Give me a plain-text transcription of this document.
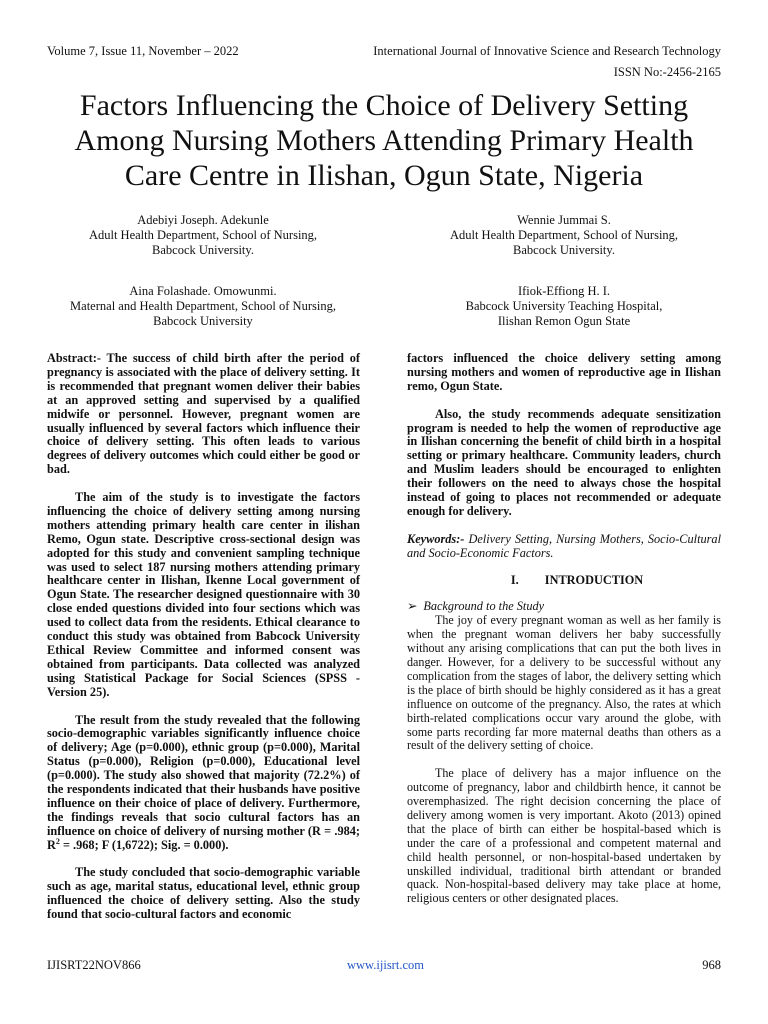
Volume 7, Issue 11, November – 2022	International Journal of Innovative Science and Research Technology
ISSN No:-2456-2165
Factors Influencing the Choice of Delivery Setting
Among Nursing Mothers Attending Primary Health
Care Centre in Ilishan, Ogun State, Nigeria
Adebiyi Joseph. Adekunle
Adult Health Department, School of Nursing,
Babcock University.
Wennie Jummai S.
Adult Health Department, School of Nursing,
Babcock University.
Aina Folashade. Omowunmi.
Maternal and Health Department, School of Nursing,
Babcock University
Ifiok-Effiong H. I.
Babcock University Teaching Hospital,
Ilishan Remon Ogun State

Abstract:- The success of child birth after the period of pregnancy is associated with the place of delivery setting. It is recommended that pregnant women deliver their babies at an approved setting and supervised by a qualified midwife or personnel. However, pregnant women are usually influenced by several factors which influence their choice of delivery setting. This often leads to various degrees of delivery outcomes which could either be good or bad.

The aim of the study is to investigate the factors influencing the choice of delivery setting among nursing mothers attending primary health care center in ilishan Remo, Ogun state. Descriptive cross-sectional design was adopted for this study and convenient sampling technique was used to select 187 nursing mothers attending primary healthcare center in Ilishan, Ikenne Local government of Ogun State. The researcher designed questionnaire with 30 close ended questions divided into four sections which was used to collect data from the residents. Ethical clearance to conduct this study was obtained from Babcock University Ethical Review Committee and informed consent was obtained from participants. Data collected was analyzed using Statistical Package for Social Sciences (SPSS - Version 25).

The result from the study revealed that the following socio-demographic variables significantly influence choice of delivery; Age (p=0.000), ethnic group (p=0.000), Marital Status (p=0.000), Religion (p=0.000), Educational level (p=0.000). The study also showed that majority (72.2%) of the respondents indicated that their husbands have positive influence on their choice of place of delivery. Furthermore, the findings reveals that socio cultural factors has an influence on choice of delivery of nursing mother (R = .984; $R^2 = .968$; F (1,6722); Sig. = 0.000).

The study concluded that socio-demographic variable such as age, marital status, educational level, ethnic group influenced the choice of delivery setting. Also the study found that socio-cultural factors and economic

factors influenced the choice delivery setting among nursing mothers and women of reproductive age in Ilishan remo, Ogun State.

Also, the study recommends adequate sensitization program is needed to help the women of reproductive age in Ilishan concerning the benefit of child birth in a hospital setting or primary healthcare. Community leaders, church and Muslim leaders should be encouraged to enlighten their followers on the need to always chose the hospital instead of going to places not recommended or adequate enough for delivery.

Keywords:- Delivery Setting, Nursing Mothers, Socio-Cultural and Socio-Economic Factors.

I. INTRODUCTION
➢ Background to the Study

The joy of every pregnant woman as well as her family is when the pregnant woman delivers her baby successfully without any arising complications that can put the both lives in danger. However, for a delivery to be successful without any complication from the stages of labor, the delivery setting which is the place of birth should be highly considered as it has a great influence on outcome of the pregnancy. Also, the rates at which birth-related complications occur vary around the globe, with some parts recording far more maternal deaths than others as a result of the delivery setting of choice.

The place of delivery has a major influence on the outcome of pregnancy, labor and childbirth hence, it cannot be overemphasized. The right decision concerning the place of delivery among women is very important. Akoto (2013) opined that the place of birth can either be hospital-based which is under the care of a professional and competent maternal and child health personnel, or non-hospital-based undertaken by unskilled individual, traditional birth attendant or branded quack. Non-hospital-based delivery may take place at home, religious centers or other designated places.

IJISRT22NOV866	www.ijisrt.com	968
